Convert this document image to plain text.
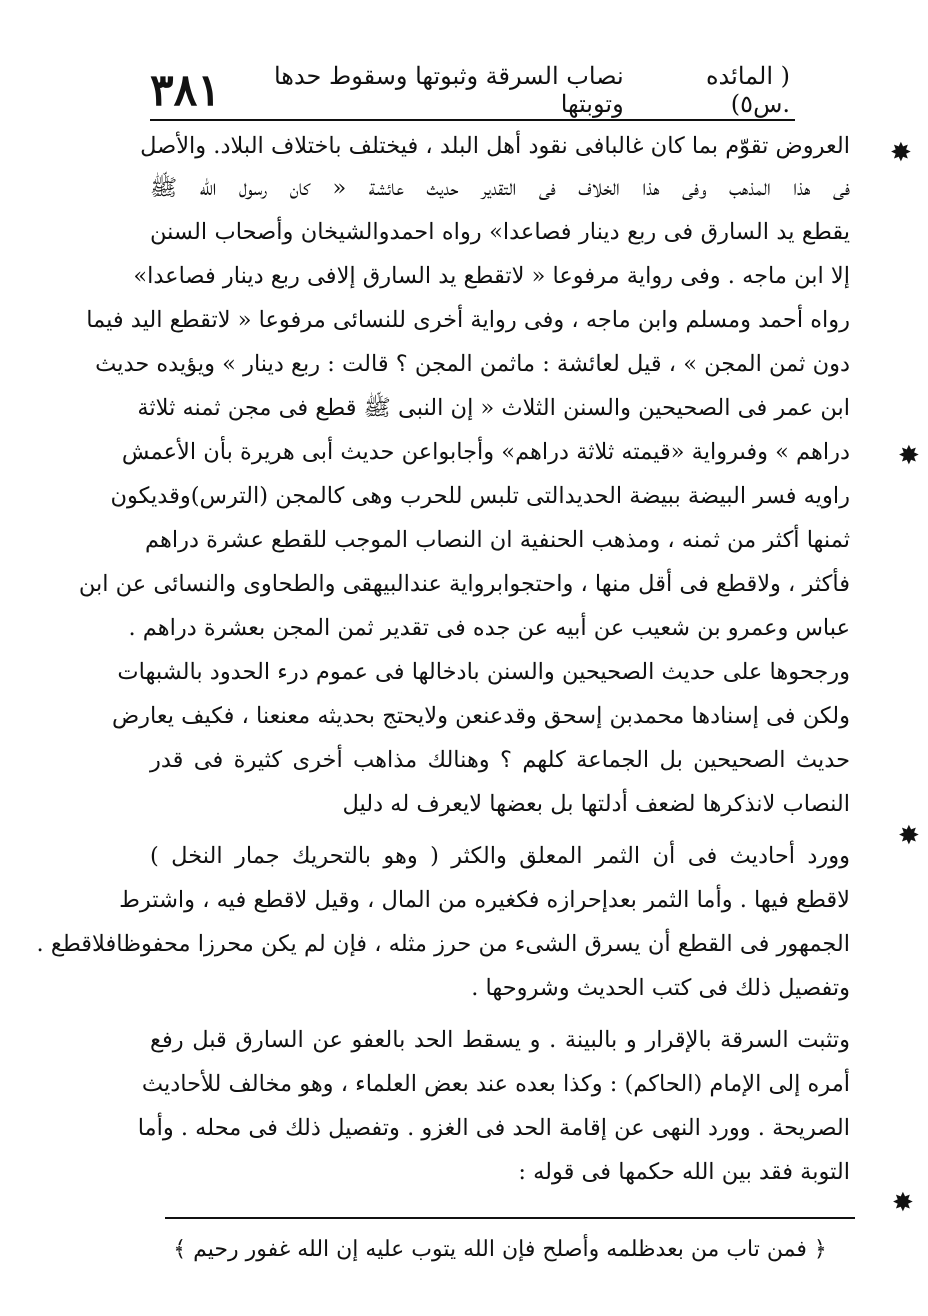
( المائده .س٥)
نصاب السرقة وثبوتها وسقوط حدها وتوبتها
٣٨١
العروض تقوّم بما كان غالبافى نقود أهل البلد ، فيختلف باختلاف البلاد. والأصل
فى هذا المذهب وفى هذا الخلاف فى التقدير حديث عائشة « كان رسول الله ﷺ
يقطع يد السارق فى ربع دينار فصاعدا» رواه احمدوالشيخان وأصحاب السنن
إلا ابن ماجه . وفى رواية مرفوعا « لاتقطع يد السارق إلافى ربع دينار فصاعدا»
رواه أحمد ومسلم وابن ماجه ، وفى رواية أخرى للنسائى مرفوعا « لاتقطع اليد فيما
دون ثمن المجن » ، قيل لعائشة : ماثمن المجن ؟ قالت : ربع دينار » ويؤيده حديث
ابن عمر فى الصحيحين والسنن الثلاث « إن النبى ﷺ قطع فى مجن ثمنه ثلاثة
دراهم » وفىرواية «قيمته ثلاثة دراهم» وأجابواعن حديث أبى هريرة بأن الأعمش
راويه فسر البيضة ببيضة الحديدالتى تلبس للحرب وهى كالمجن (الترس)وقديكون
ثمنها أكثر من ثمنه ، ومذهب الحنفية ان النصاب الموجب للقطع عشرة دراهم
فأكثر ، ولاقطع فى أقل منها ، واحتجوابرواية عندالبيهقى والطحاوى والنسائى عن ابن
عباس وعمرو بن شعيب عن أبيه عن جده فى تقدير ثمن المجن بعشرة دراهم .
ورجحوها على حديث الصحيحين والسنن بادخالها فى عموم درء الحدود بالشبهات
ولكن فى إسنادها محمدبن إسحق وقدعنعن ولايحتج بحديثه معنعنا ، فكيف يعارض
حديث الصحيحين بل الجماعة كلهم ؟ وهنالك مذاهب أخرى كثيرة فى قدر
النصاب لانذكرها لضعف أدلتها بل بعضها لايعرف له دليل
وورد أحاديث فى أن الثمر المعلق والكثر ( وهو بالتحريك جمار النخل )
لاقطع فيها . وأما الثمر بعدإحرازه فكغيره من المال ، وقيل لاقطع فيه ، واشترط
الجمهور فى القطع أن يسرق الشىء من حرز مثله ، فإن لم يكن محرزا محفوظافلاقطع .
وتفصيل ذلك فى كتب الحديث وشروحها .
وتثبت السرقة بالإقرار و بالبينة . و يسقط الحد بالعفو عن السارق قبل رفع
أمره إلى الإمام (الحاكم) : وكذا بعده عند بعض العلماء ، وهو مخالف للأحاديث
الصريحة . وورد النهى عن إقامة الحد فى الغزو . وتفصيل ذلك فى محله . وأما
التوبة فقد بين الله حكمها فى قوله :
﴿ فمن تاب من بعدظلمه وأصلح فإن الله يتوب عليه إن الله غفور رحيم ﴾
✸
✸
✸
✸
